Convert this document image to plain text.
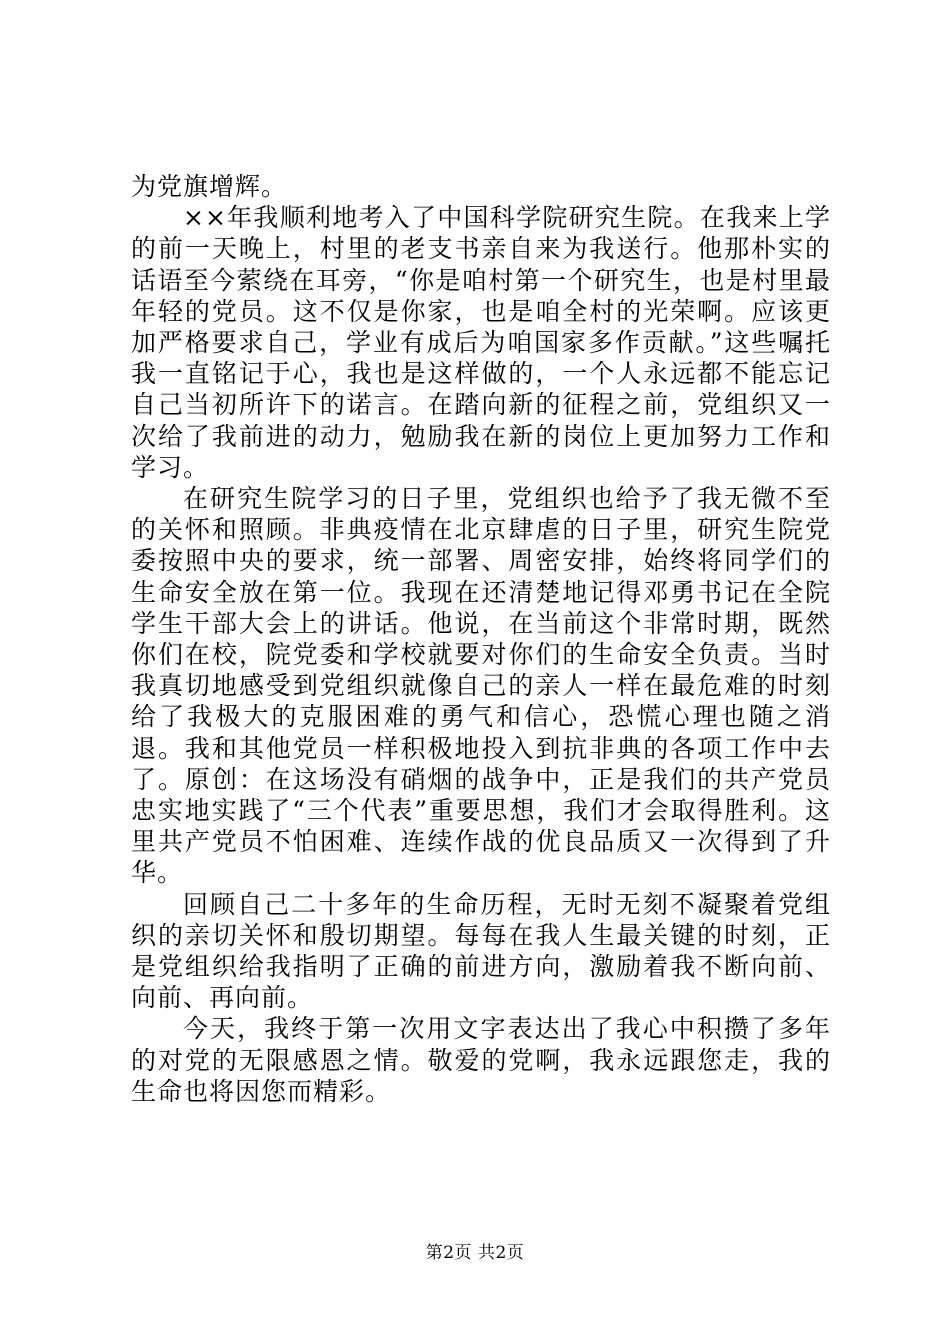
为党旗增辉。

××年我顺利地考入了中国科学院研究生院。在我来上学的前一天晚上，村里的老支书亲自来为我送行。他那朴实的话语至今萦绕在耳旁，“你是咱村第一个研究生，也是村里最年轻的党员。这不仅是你家，也是咱全村的光荣啊。应该更加严格要求自己，学业有成后为咱国家多作贡献。”这些嘱托我一直铭记于心，我也是这样做的，一个人永远都不能忘记自己当初所许下的诺言。在踏向新的征程之前，党组织又一次给了我前进的动力，勉励我在新的岗位上更加努力工作和学习。

在研究生院学习的日子里，党组织也给予了我无微不至的关怀和照顾。非典疫情在北京肆虐的日子里，研究生院党委按照中央的要求，统一部署、周密安排，始终将同学们的生命安全放在第一位。我现在还清楚地记得邓勇书记在全院学生干部大会上的讲话。他说，在当前这个非常时期，既然你们在校，院党委和学校就要对你们的生命安全负责。当时我真切地感受到党组织就像自己的亲人一样在最危难的时刻给了我极大的克服困难的勇气和信心，恐慌心理也随之消退。我和其他党员一样积极地投入到抗非典的各项工作中去了。原创：在这场没有硝烟的战争中，正是我们的共产党员忠实地实践了“三个代表”重要思想，我们才会取得胜利。这里共产党员不怕困难、连续作战的优良品质又一次得到了升华。

回顾自己二十多年的生命历程，无时无刻不凝聚着党组织的亲切关怀和殷切期望。每每在我人生最关键的时刻，正是党组织给我指明了正确的前进方向，激励着我不断向前、向前、再向前。

今天，我终于第一次用文字表达出了我心中积攒了多年的对党的无限感恩之情。敬爱的党啊，我永远跟您走，我的生命也将因您而精彩。

第2页 共2页
